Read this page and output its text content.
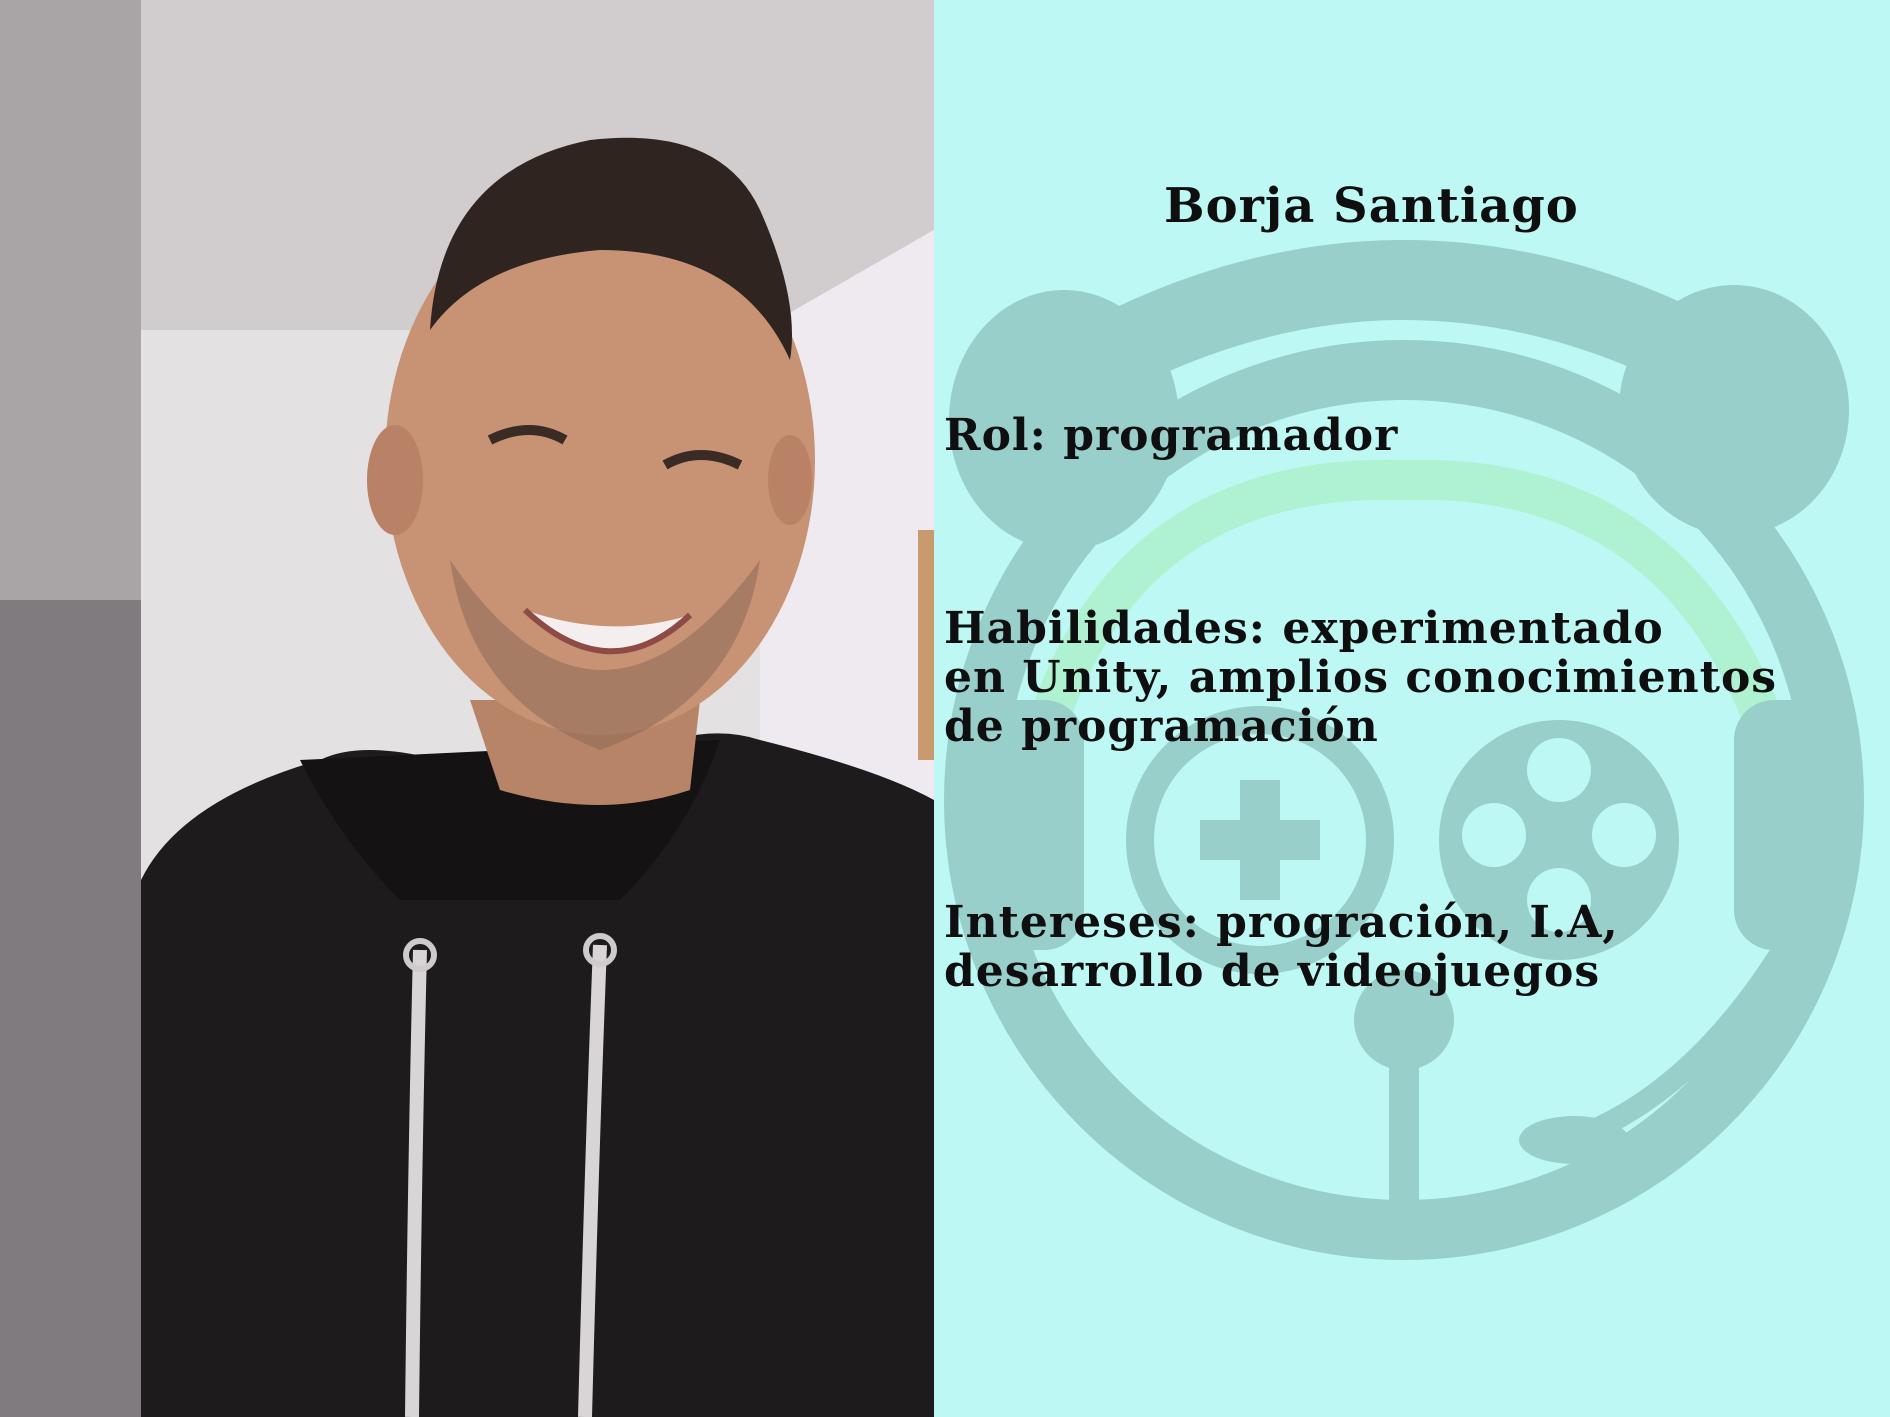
Borja Santiago
Rol: programador
Habilidades: experimentado
en Unity, amplios conocimientos
de programación
Intereses: progración, I.A,
desarrollo de videojuegos
